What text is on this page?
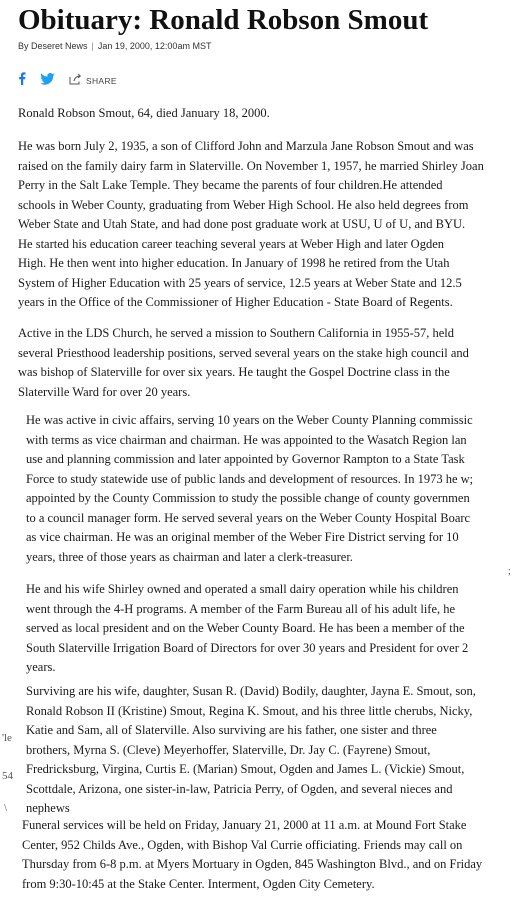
Obituary: Ronald Robson Smout
By Deseret News | Jan 19, 2000, 12:00am MST
SHARE
Ronald Robson Smout, 64, died January 18, 2000.
He was born July 2, 1935, a son of Clifford John and Marzula Jane Robson Smout and was
raised on the family dairy farm in Slaterville. On November 1, 1957, he married Shirley Joan
Perry in the Salt Lake Temple. They became the parents of four children.He attended
schools in Weber County, graduating from Weber High School. He also held degrees from
Weber State and Utah State, and had done post graduate work at USU, U of U, and BYU.
He started his education career teaching several years at Weber High and later Ogden
High. He then went into higher education. In January of 1998 he retired from the Utah
System of Higher Education with 25 years of service, 12.5 years at Weber State and 12.5
years in the Office of the Commissioner of Higher Education - State Board of Regents.
Active in the LDS Church, he served a mission to Southern California in 1955-57, held
several Priesthood leadership positions, served several years on the stake high council and
was bishop of Slaterville for over six years. He taught the Gospel Doctrine class in the
Slaterville Ward for over 20 years.
He was active in civic affairs, serving 10 years on the Weber County Planning commissic
with terms as vice chairman and chairman. He was appointed to the Wasatch Region lan
use and planning commission and later appointed by Governor Rampton to a State Task
Force to study statewide use of public lands and development of resources. In 1973 he w;
appointed by the County Commission to study the possible change of county governmen
to a council manager form. He served several years on the Weber County Hospital Boarc
as vice chairman. He was an original member of the Weber Fire District serving for 10
years, three of those years as chairman and later a clerk-treasurer.
He and his wife Shirley owned and operated a small dairy operation while his children
went through the 4-H programs. A member of the Farm Bureau all of his adult life, he
served as local president and on the Weber County Board. He has been a member of the
South Slaterville Irrigation Board of Directors for over 30 years and President for over 2
years.
Surviving are his wife, daughter, Susan R. (David) Bodily, daughter, Jayna E. Smout, son,
Ronald Robson II (Kristine) Smout, Regina K. Smout, and his three little cherubs, Nicky,
Katie and Sam, all of Slaterville. Also surviving are his father, one sister and three
brothers, Myrna S. (Cleve) Meyerhoffer, Slaterville, Dr. Jay C. (Fayrene) Smout,
Fredricksburg, Virgina, Curtis E. (Marian) Smout, Ogden and James L. (Vickie) Smout,
Scottdale, Arizona, one sister-in-law, Patricia Perry, of Ogden, and several nieces and
nephews
Funeral services will be held on Friday, January 21, 2000 at 11 a.m. at Mound Fort Stake
Center, 952 Childs Ave., Ogden, with Bishop Val Currie officiating. Friends may call on
Thursday from 6-8 p.m. at Myers Mortuary in Ogden, 845 Washington Blvd., and on Friday
from 9:30-10:45 at the Stake Center. Interment, Ogden City Cemetery.
;
'le
54
\
